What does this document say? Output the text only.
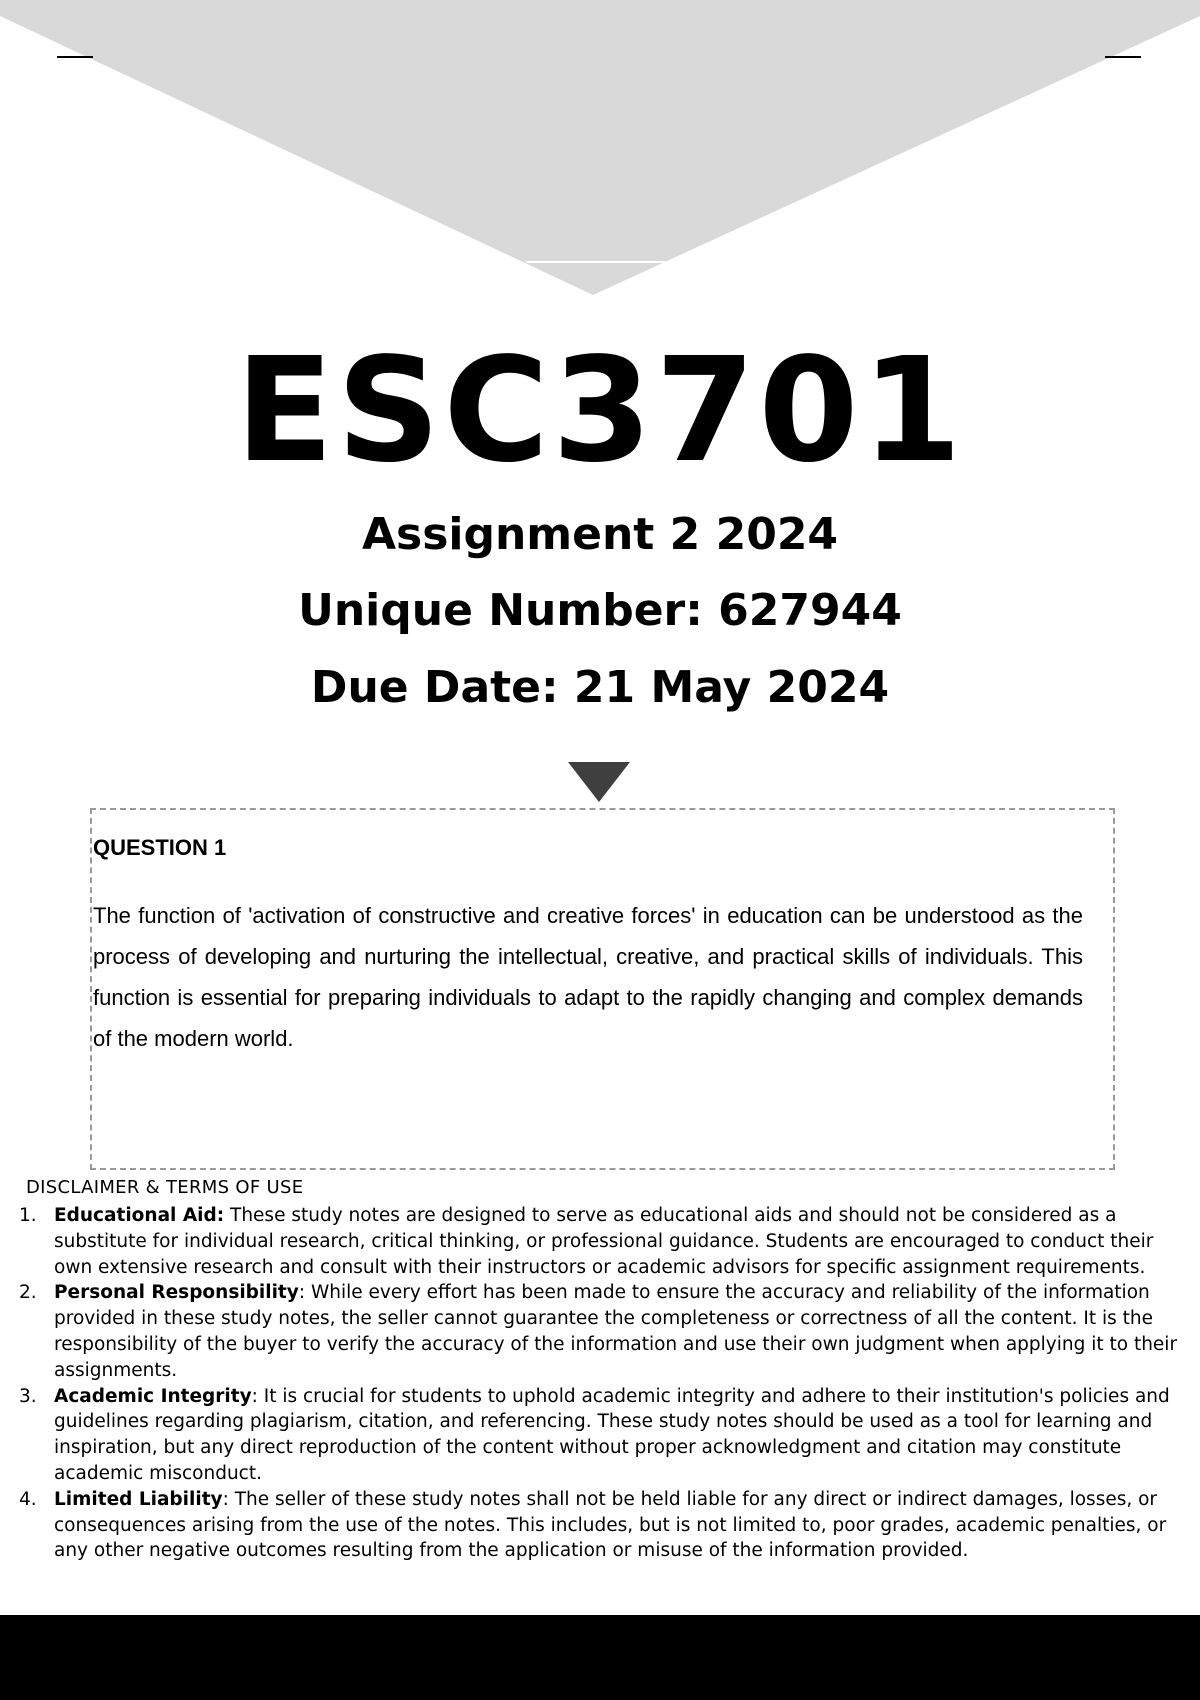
ESC3701
Assignment 2 2024
Unique Number: 627944
Due Date: 21 May 2024
QUESTION 1

The function of 'activation of constructive and creative forces' in education can be understood as the process of developing and nurturing the intellectual, creative, and practical skills of individuals. This function is essential for preparing individuals to adapt to the rapidly changing and complex demands of the modern world.

DISCLAIMER & TERMS OF USE
1. Educational Aid: These study notes are designed to serve as educational aids and should not be considered as a substitute for individual research, critical thinking, or professional guidance. Students are encouraged to conduct their own extensive research and consult with their instructors or academic advisors for specific assignment requirements.
2. Personal Responsibility: While every effort has been made to ensure the accuracy and reliability of the information provided in these study notes, the seller cannot guarantee the completeness or correctness of all the content. It is the responsibility of the buyer to verify the accuracy of the information and use their own judgment when applying it to their assignments.
3. Academic Integrity: It is crucial for students to uphold academic integrity and adhere to their institution's policies and guidelines regarding plagiarism, citation, and referencing. These study notes should be used as a tool for learning and inspiration, but any direct reproduction of the content without proper acknowledgment and citation may constitute academic misconduct.
4. Limited Liability: The seller of these study notes shall not be held liable for any direct or indirect damages, losses, or consequences arising from the use of the notes. This includes, but is not limited to, poor grades, academic penalties, or any other negative outcomes resulting from the application or misuse of the information provided.
